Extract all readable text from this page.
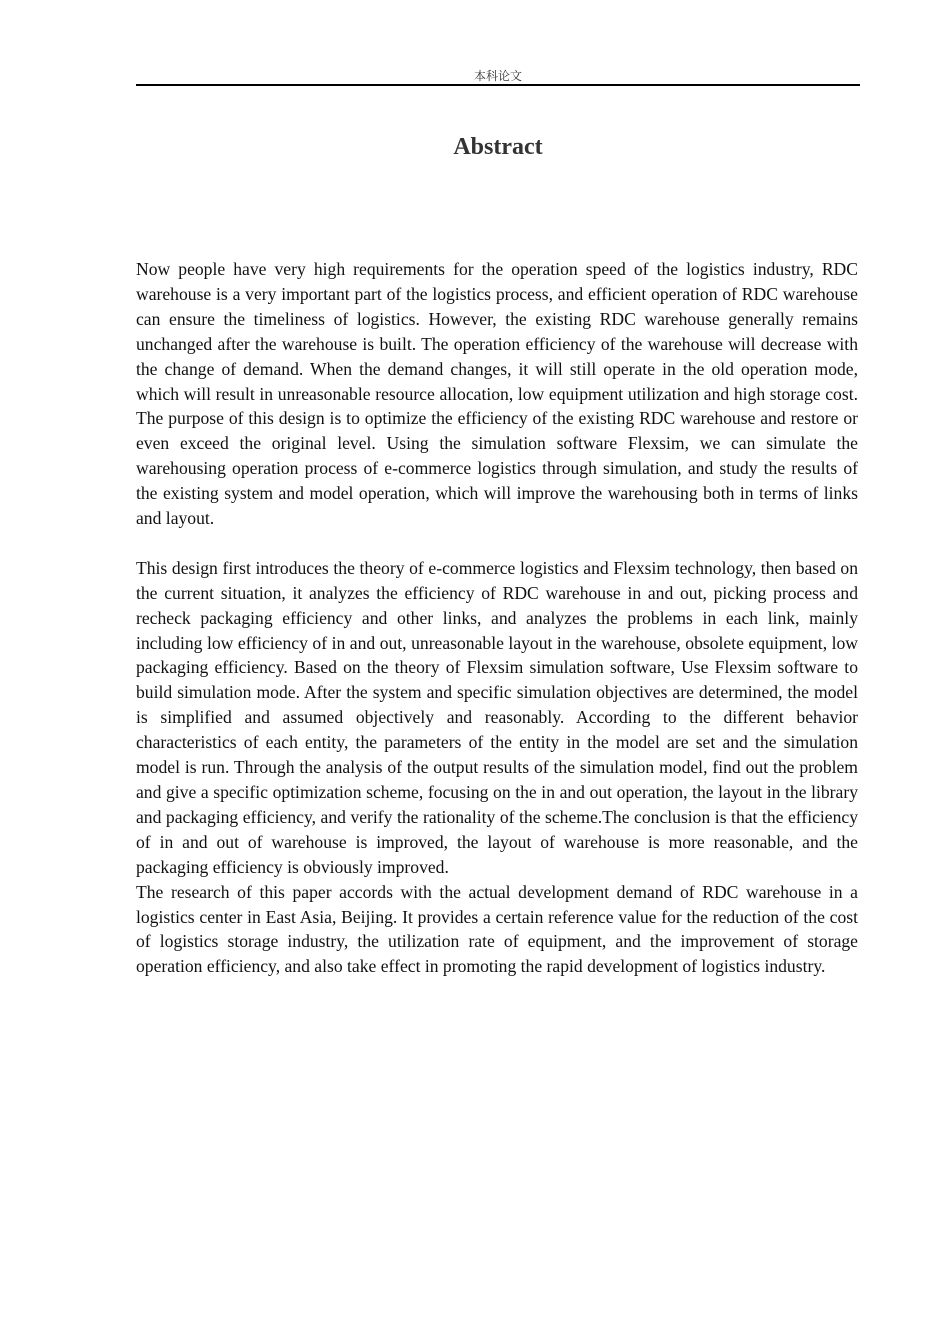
本科论文
Abstract

Now people have very high requirements for the operation speed of the logistics industry, RDC warehouse is a very important part of the logistics process, and efficient operation of RDC warehouse can ensure the timeliness of logistics. However, the existing RDC warehouse generally remains unchanged after the warehouse is built. The operation efficiency of the warehouse will decrease with the change of demand. When the demand changes, it will still operate in the old operation mode, which will result in unreasonable resource allocation, low equipment utilization and high storage cost. The purpose of this design is to optimize the efficiency of the existing RDC warehouse and restore or even exceed the original level. Using the simulation software Flexsim, we can simulate the warehousing operation process of e-commerce logistics through simulation, and study the results of the existing system and model operation, which will improve the warehousing both in terms of links and layout.

This design first introduces the theory of e-commerce logistics and Flexsim technology, then based on the current situation, it analyzes the efficiency of RDC warehouse in and out, picking process and recheck packaging efficiency and other links, and analyzes the problems in each link, mainly including low efficiency of in and out, unreasonable layout in the warehouse, obsolete equipment, low packaging efficiency. Based on the theory of Flexsim simulation software, Use Flexsim software to build simulation mode. After the system and specific simulation objectives are determined, the model is simplified and assumed objectively and reasonably. According to the different behavior characteristics of each entity, the parameters of the entity in the model are set and the simulation model is run. Through the analysis of the output results of the simulation model, find out the problem and give a specific optimization scheme, focusing on the in and out operation, the layout in the library and packaging efficiency, and verify the rationality of the scheme.The conclusion is that the efficiency of in and out of warehouse is improved, the layout of warehouse is more reasonable, and the packaging efficiency is obviously improved.

The research of this paper accords with the actual development demand of RDC warehouse in a logistics center in East Asia, Beijing. It provides a certain reference value for the reduction of the cost of logistics storage industry, the utilization rate of equipment, and the improvement of storage operation efficiency, and also take effect in promoting the rapid development of logistics industry.
